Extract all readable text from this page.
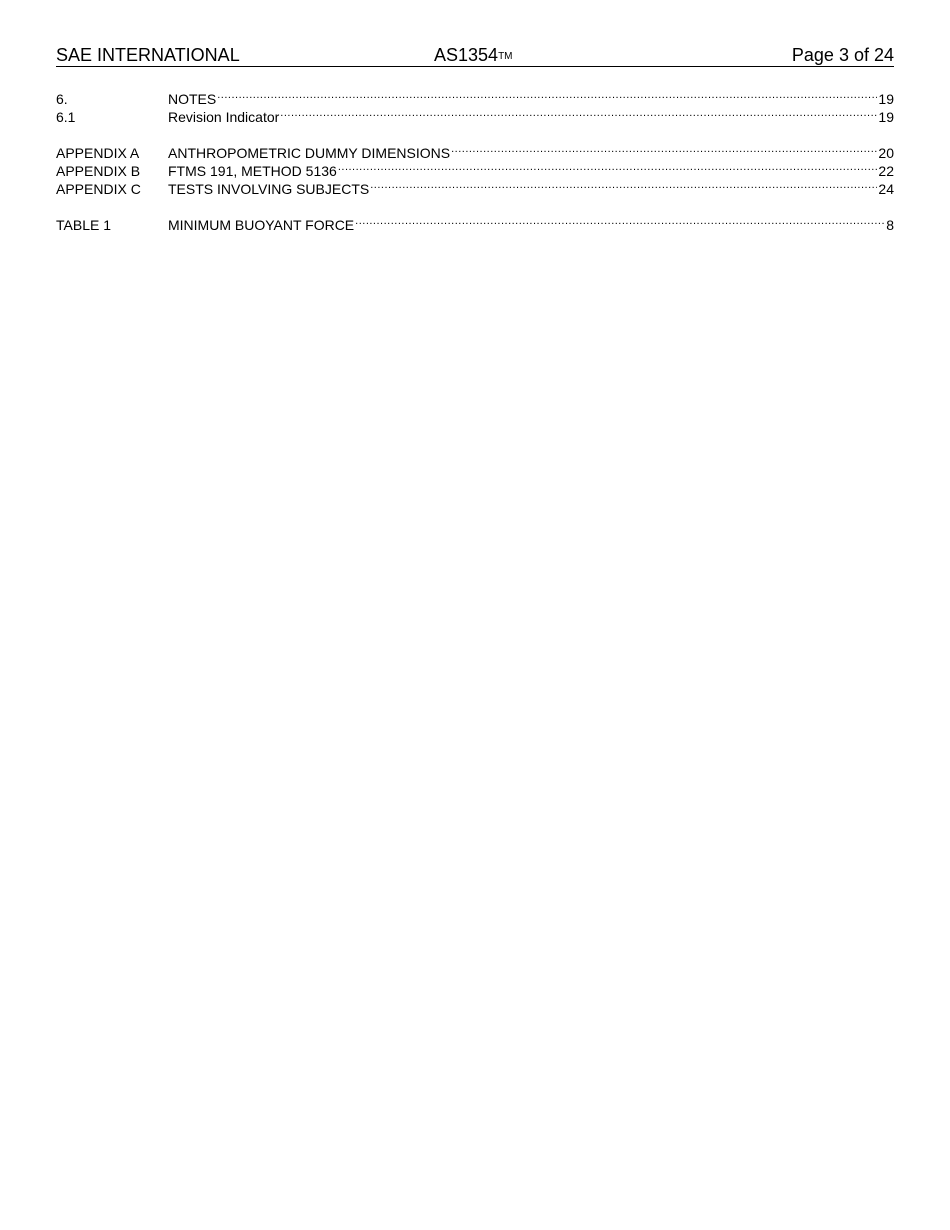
SAE INTERNATIONAL	AS1354TM	Page 3 of 24
6.	NOTES .....	19
6.1	Revision Indicator .....	19
APPENDIX A	ANTHROPOMETRIC DUMMY DIMENSIONS .....	20
APPENDIX B	FTMS 191, METHOD 5136 .....	22
APPENDIX C	TESTS INVOLVING SUBJECTS .....	24
TABLE 1	MINIMUM BUOYANT FORCE .....	8
